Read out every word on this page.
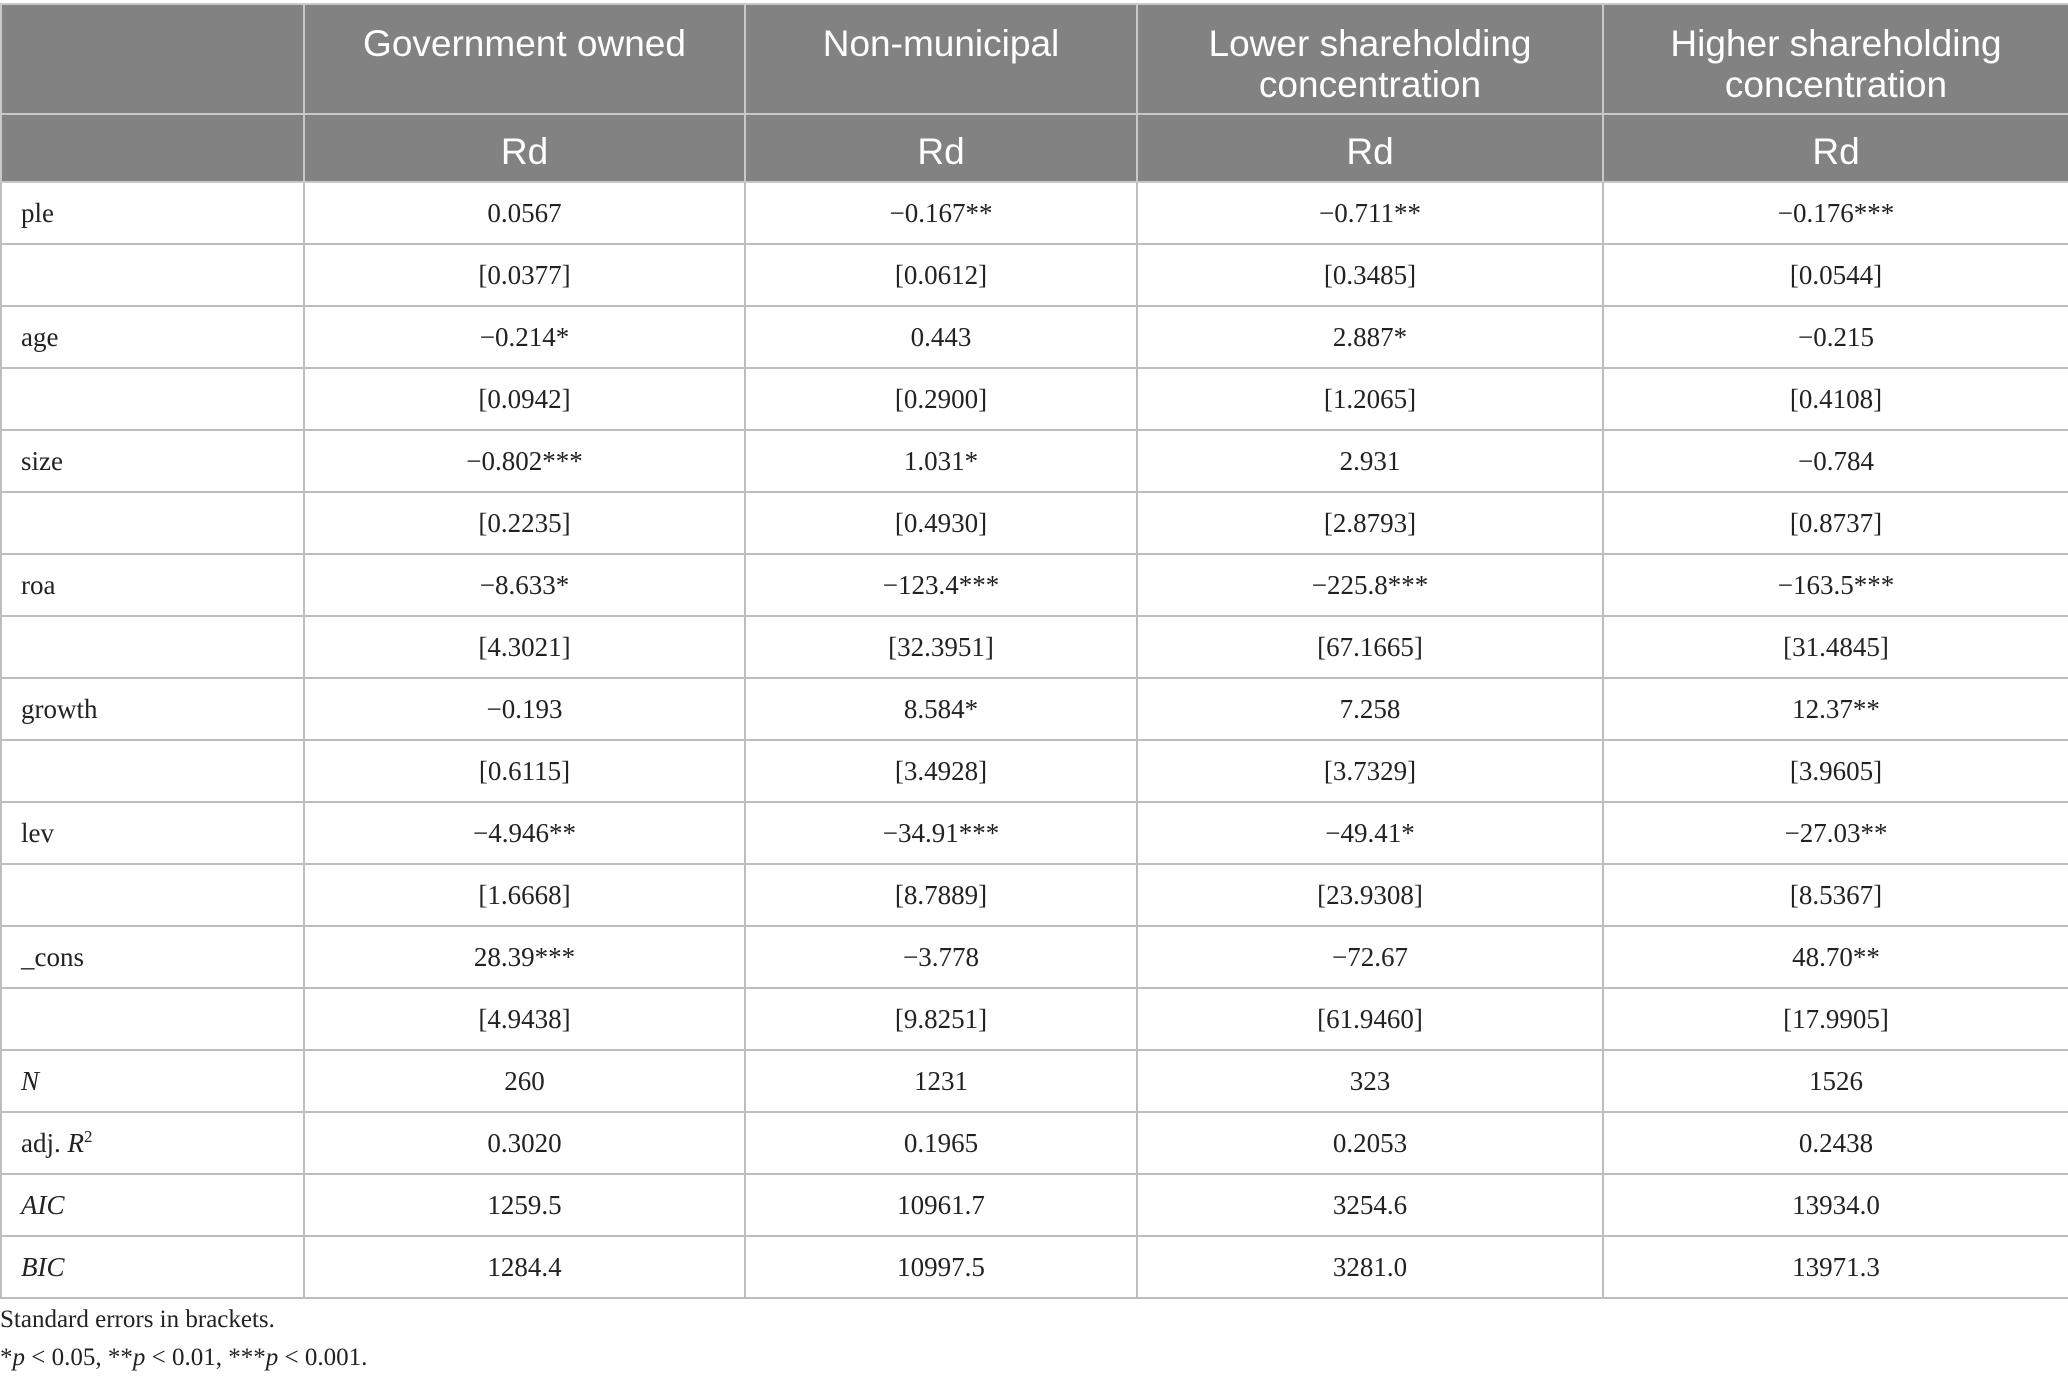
	Government owned	Non-municipal	Lower shareholding concentration	Higher shareholding concentration
	Rd	Rd	Rd	Rd
ple	0.0567	−0.167**	−0.711**	−0.176***
	[0.0377]	[0.0612]	[0.3485]	[0.0544]
age	−0.214*	0.443	2.887*	−0.215
	[0.0942]	[0.2900]	[1.2065]	[0.4108]
size	−0.802***	1.031*	2.931	−0.784
	[0.2235]	[0.4930]	[2.8793]	[0.8737]
roa	−8.633*	−123.4***	−225.8***	−163.5***
	[4.3021]	[32.3951]	[67.1665]	[31.4845]
growth	−0.193	8.584*	7.258	12.37**
	[0.6115]	[3.4928]	[3.7329]	[3.9605]
lev	−4.946**	−34.91***	−49.41*	−27.03**
	[1.6668]	[8.7889]	[23.9308]	[8.5367]
_cons	28.39***	−3.778	−72.67	48.70**
	[4.9438]	[9.8251]	[61.9460]	[17.9905]
N	260	1231	323	1526
adj. $R^2$	0.3020	0.1965	0.2053	0.2438
AIC	1259.5	10961.7	3254.6	13934.0
BIC	1284.4	10997.5	3281.0	13971.3
Standard errors in brackets.
*p < 0.05, **p < 0.01, ***p < 0.001.
